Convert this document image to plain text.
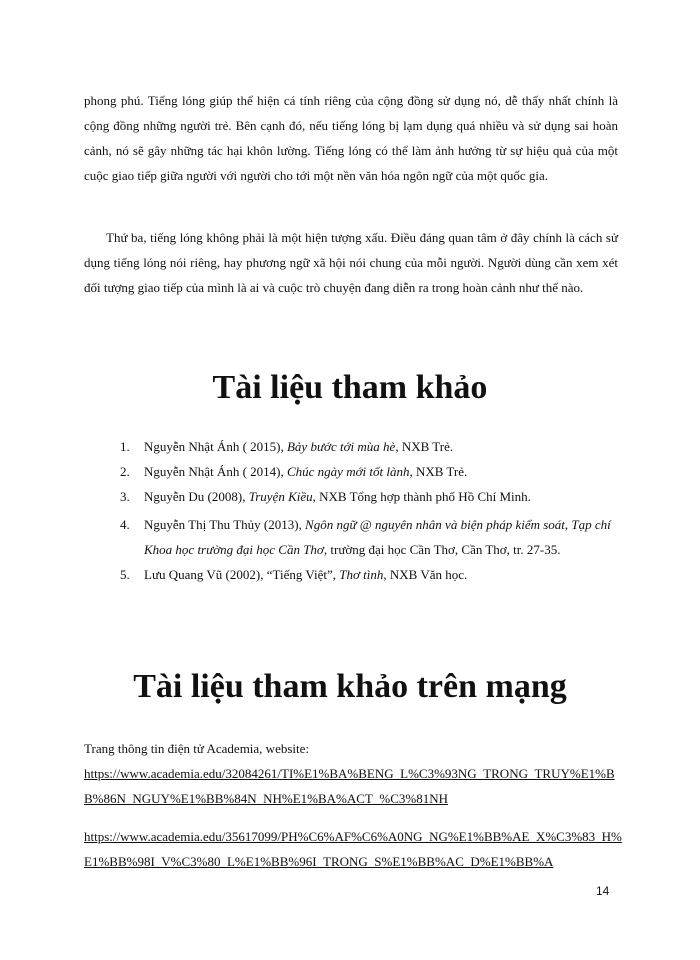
phong phú. Tiếng lóng giúp thể hiện cá tính riêng của cộng đồng sử dụng nó, dễ thấy nhất chính là cộng đồng những người trẻ. Bên cạnh đó, nếu tiếng lóng bị lạm dụng quá nhiều và sử dụng sai hoàn cảnh, nó sẽ gây những tác hại khôn lường. Tiếng lóng có thể làm ảnh hưởng từ sự hiệu quả của một cuộc giao tiếp giữa người với người cho tới một nền văn hóa ngôn ngữ của một quốc gia.

Thứ ba, tiếng lóng không phải là một hiện tượng xấu. Điều đáng quan tâm ở đây chính là cách sử dụng tiếng lóng nói riêng, hay phương ngữ xã hội nói chung của mỗi người. Người dùng cần xem xét đối tượng giao tiếp của mình là ai và cuộc trò chuyện đang diễn ra trong hoàn cảnh như thế nào.

Tài liệu tham khảo
1. Nguyễn Nhật Ánh ( 2015), Bảy bước tới mùa hè, NXB Trẻ.
2. Nguyễn Nhật Ánh ( 2014), Chúc ngày mới tốt lành, NXB Trẻ.
3. Nguyễn Du (2008), Truyện Kiều, NXB Tổng hợp thành phố Hồ Chí Minh.
4. Nguyễn Thị Thu Thủy (2013), Ngôn ngữ @ nguyên nhân và biện pháp kiểm soát, Tạp chí Khoa học trường đại học Cần Thơ, trường đại học Cần Thơ, Cần Thơ, tr. 27-35.
5. Lưu Quang Vũ (2002), “Tiếng Việt”, Thơ tình, NXB Văn học.
Tài liệu tham khảo trên mạng

Trang thông tin điện tử Academia, website:

https://www.academia.edu/32084261/TI%E1%BA%BENG_L%C3%93NG_TRONG_TRUY%E1%BB%86N_NGUY%E1%BB%84N_NH%E1%BA%ACT_%C3%81NH

https://www.academia.edu/35617099/PH%C6%AF%C6%A0NG_NG%E1%BB%AE_X%C3%83_H%E1%BB%98I_V%C3%80_L%E1%BB%96I_TRONG_S%E1%BB%AC_D%E1%BB%A

14
